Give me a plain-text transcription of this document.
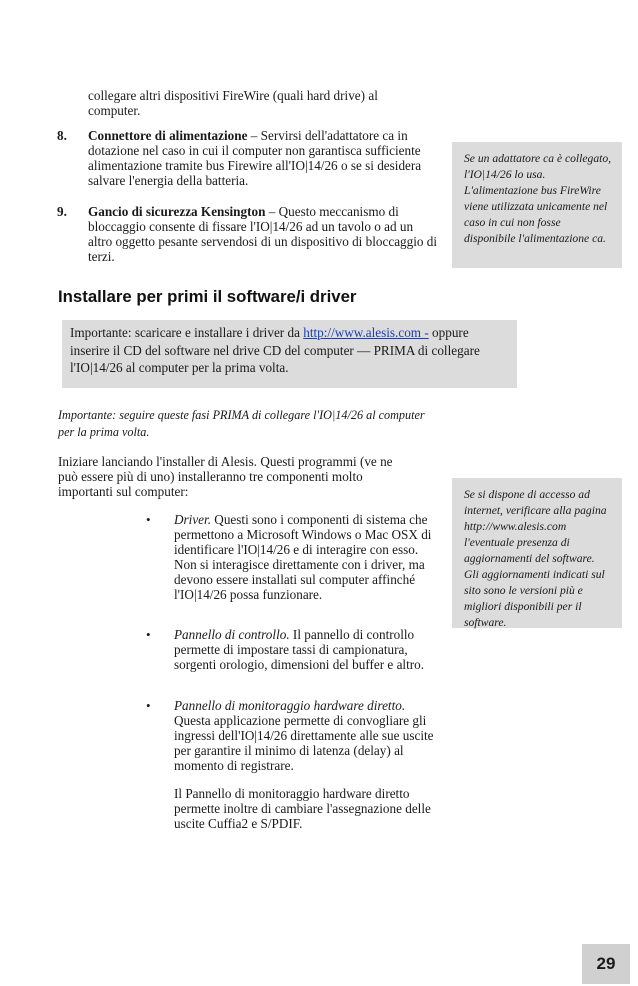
collegare altri dispositivi FireWire (quali hard drive) al computer.
8. Connettore di alimentazione – Servirsi dell'adattatore ca in dotazione nel caso in cui il computer non garantisca sufficiente alimentazione tramite bus Firewire all'IO|14/26 o se si desidera salvare l'energia della batteria.
9. Gancio di sicurezza Kensington – Questo meccanismo di bloccaggio consente di fissare l'IO|14/26 ad un tavolo o ad un altro oggetto pesante servendosi di un dispositivo di bloccaggio di terzi.
Se un adattatore ca è collegato, l'IO|14/26 lo usa. L'alimentazione bus FireWire viene utilizzata unicamente nel caso in cui non fosse disponibile l'alimentazione ca.
Installare per primi il software/i driver
Importante: scaricare e installare i driver da http://www.alesis.com - oppure inserire il CD del software nel drive CD del computer — PRIMA di collegare l'IO|14/26 al computer per la prima volta.
Importante: seguire queste fasi PRIMA di collegare l'IO|14/26 al computer per la prima volta.
Iniziare lanciando l'installer di Alesis. Questi programmi (ve ne può essere più di uno) installeranno tre componenti molto importanti sul computer:	Se si dispone di accesso ad internet, verificare alla pagina http://www.alesis.com l'eventuale presenza di aggiornamenti del software. Gli aggiornamenti indicati sul sito sono le versioni più e migliori disponibili per il software.
• Driver. Questi sono i componenti di sistema che permettono a Microsoft Windows o Mac OSX di identificare l'IO|14/26 e di interagire con esso. Non si interagisce direttamente con i driver, ma devono essere installati sul computer affinché l'IO|14/26 possa funzionare.
• Pannello di controllo. Il pannello di controllo permette di impostare tassi di campionatura, sorgenti orologio, dimensioni del buffer e altro.
• Pannello di monitoraggio hardware diretto. Questa applicazione permette di convogliare gli ingressi dell'IO|14/26 direttamente alle sue uscite per garantire il minimo di latenza (delay) al momento di registrare.
Il Pannello di monitoraggio hardware diretto permette inoltre di cambiare l'assegnazione delle uscite Cuffia2 e S/PDIF.
29
